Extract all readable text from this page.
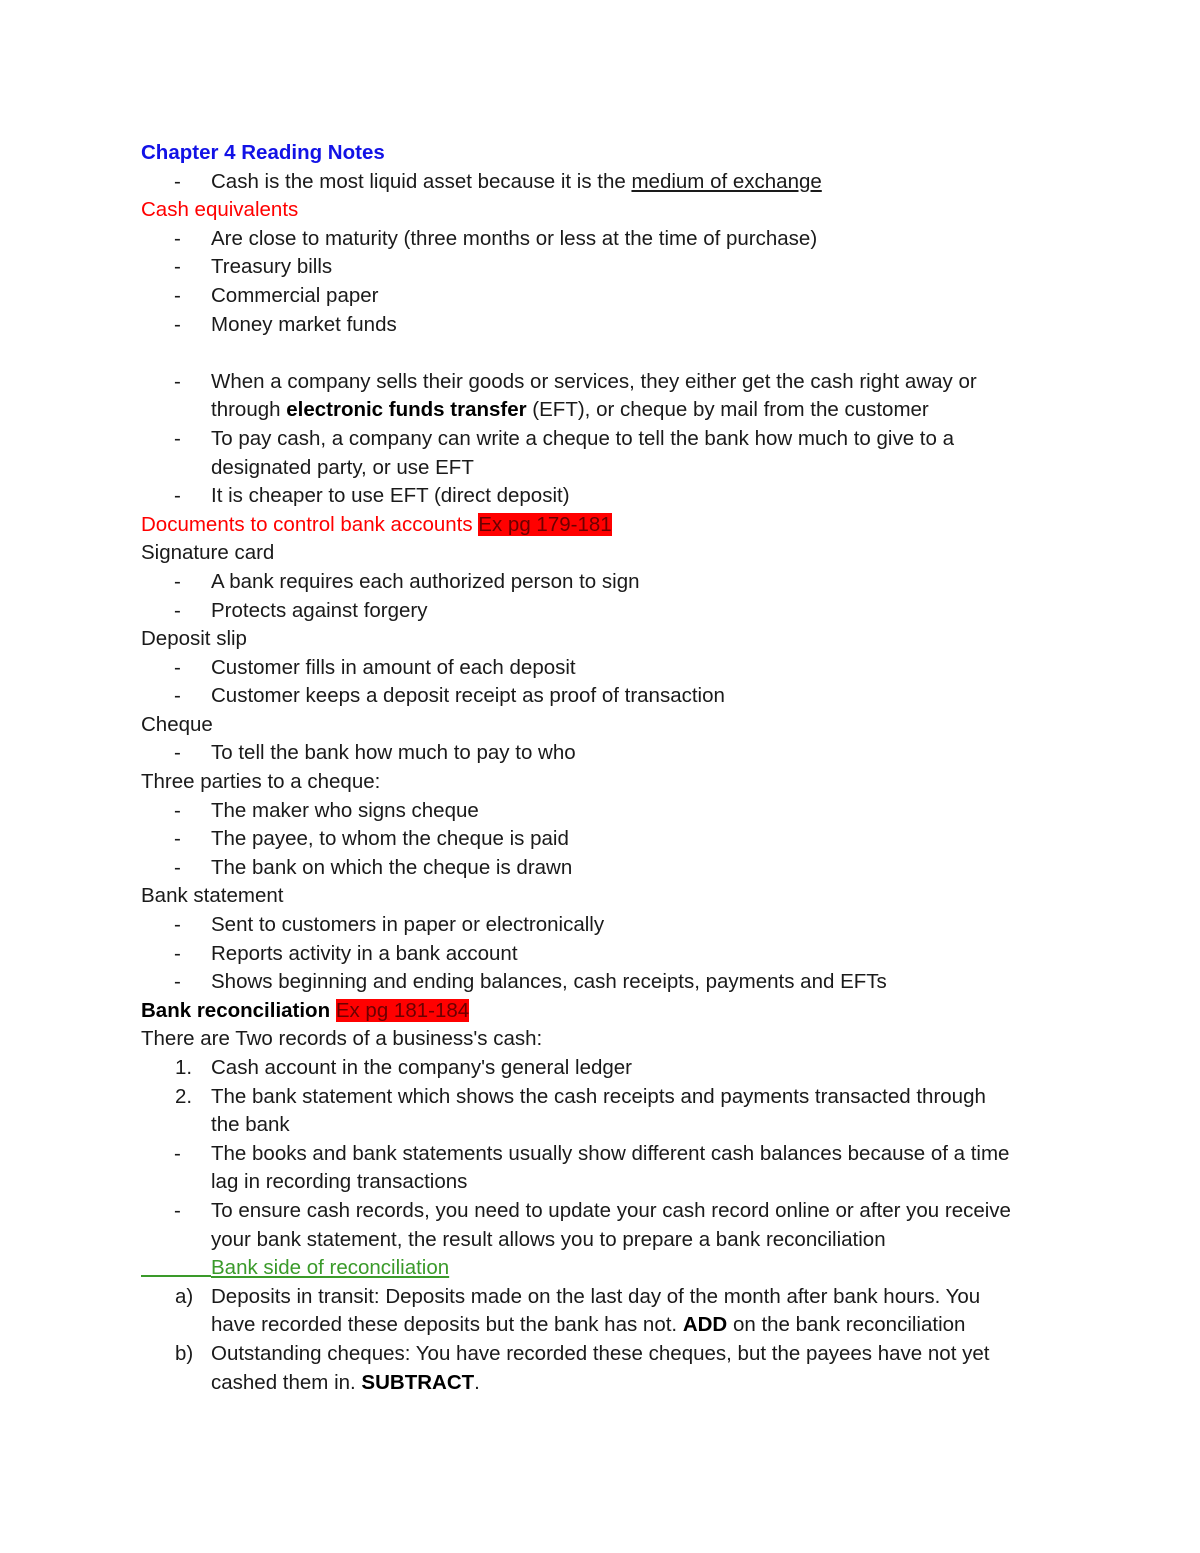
Chapter 4 Reading Notes
- Cash is the most liquid asset because it is the medium of exchange
Cash equivalents
- Are close to maturity (three months or less at the time of purchase)
- Treasury bills
- Commercial paper
- Money market funds
- When a company sells their goods or services, they either get the cash right away or
through electronic funds transfer (EFT), or cheque by mail from the customer
- To pay cash, a company can write a cheque to tell the bank how much to give to a
designated party, or use EFT
- It is cheaper to use EFT (direct deposit)
Documents to control bank accounts Ex pg 179-181
Signature card
- A bank requires each authorized person to sign
- Protects against forgery
Deposit slip
- Customer fills in amount of each deposit
- Customer keeps a deposit receipt as proof of transaction
Cheque
- To tell the bank how much to pay to who
Three parties to a cheque:
- The maker who signs cheque
- The payee, to whom the cheque is paid
- The bank on which the cheque is drawn
Bank statement
- Sent to customers in paper or electronically
- Reports activity in a bank account
- Shows beginning and ending balances, cash receipts, payments and EFTs
Bank reconciliation Ex pg 181-184
There are Two records of a business's cash:
1. Cash account in the company's general ledger
2. The bank statement which shows the cash receipts and payments transacted through
the bank
- The books and bank statements usually show different cash balances because of a time
lag in recording transactions
- To ensure cash records, you need to update your cash record online or after you receive
your bank statement, the result allows you to prepare a bank reconciliation
Bank side of reconciliation
a) Deposits in transit: Deposits made on the last day of the month after bank hours. You
have recorded these deposits but the bank has not. ADD on the bank reconciliation
b) Outstanding cheques: You have recorded these cheques, but the payees have not yet
cashed them in. SUBTRACT.
